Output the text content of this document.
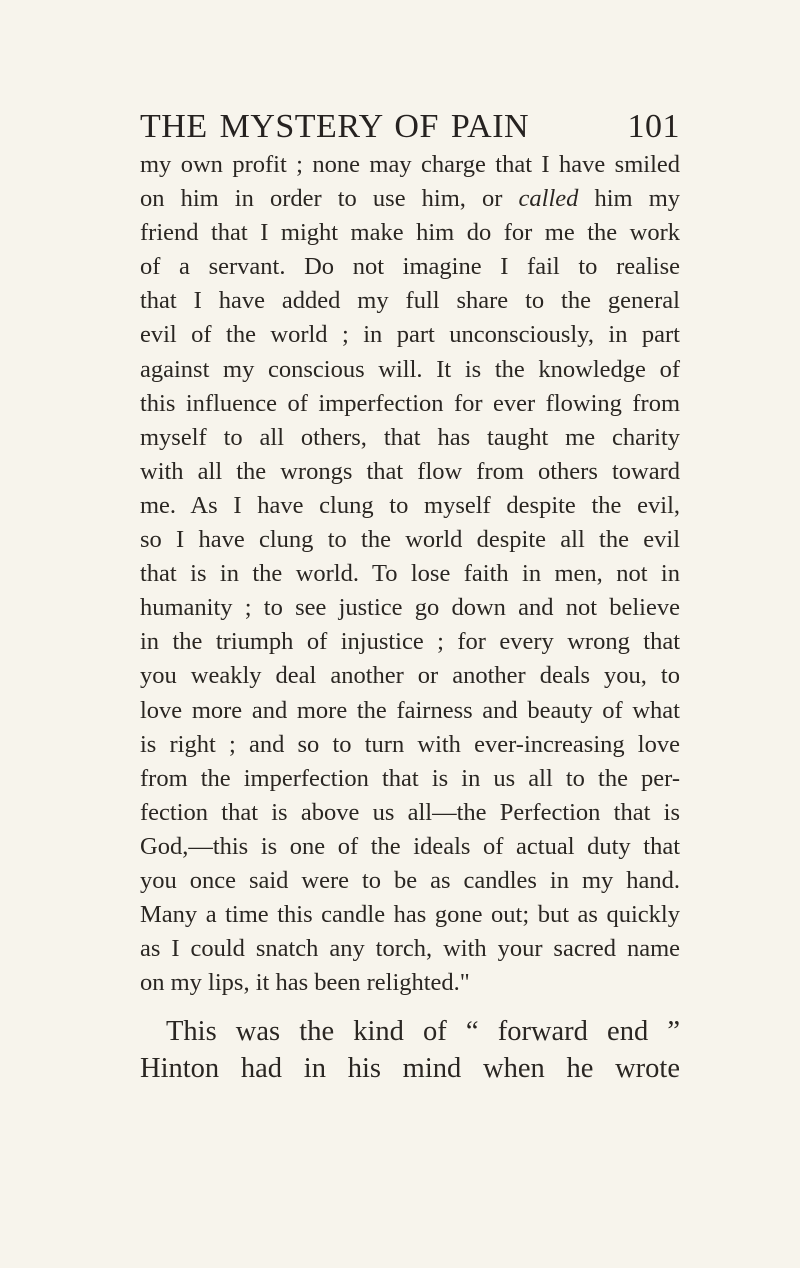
THE MYSTERY OF PAIN	101
my own profit ; none may charge that I have smiled
on him in order to use him, or called him my
friend that I might make him do for me the work
of a servant. Do not imagine I fail to realise
that I have added my full share to the general
evil of the world ; in part unconsciously, in part
against my conscious will. It is the knowledge of
this influence of imperfection for ever flowing from
myself to all others, that has taught me charity
with all the wrongs that flow from others toward
me. As I have clung to myself despite the evil,
so I have clung to the world despite all the evil
that is in the world. To lose faith in men, not in
humanity ; to see justice go down and not believe
in the triumph of injustice ; for every wrong that
you weakly deal another or another deals you, to
love more and more the fairness and beauty of what
is right ; and so to turn with ever-increasing love
from the imperfection that is in us all to the per-
fection that is above us all—the Perfection that is
God,—this is one of the ideals of actual duty that
you once said were to be as candles in my hand.
Many a time this candle has gone out; but as quickly
as I could snatch any torch, with your sacred name
on my lips, it has been relighted."
This was the kind of “ forward end ”
Hinton had in his mind when he wrote
